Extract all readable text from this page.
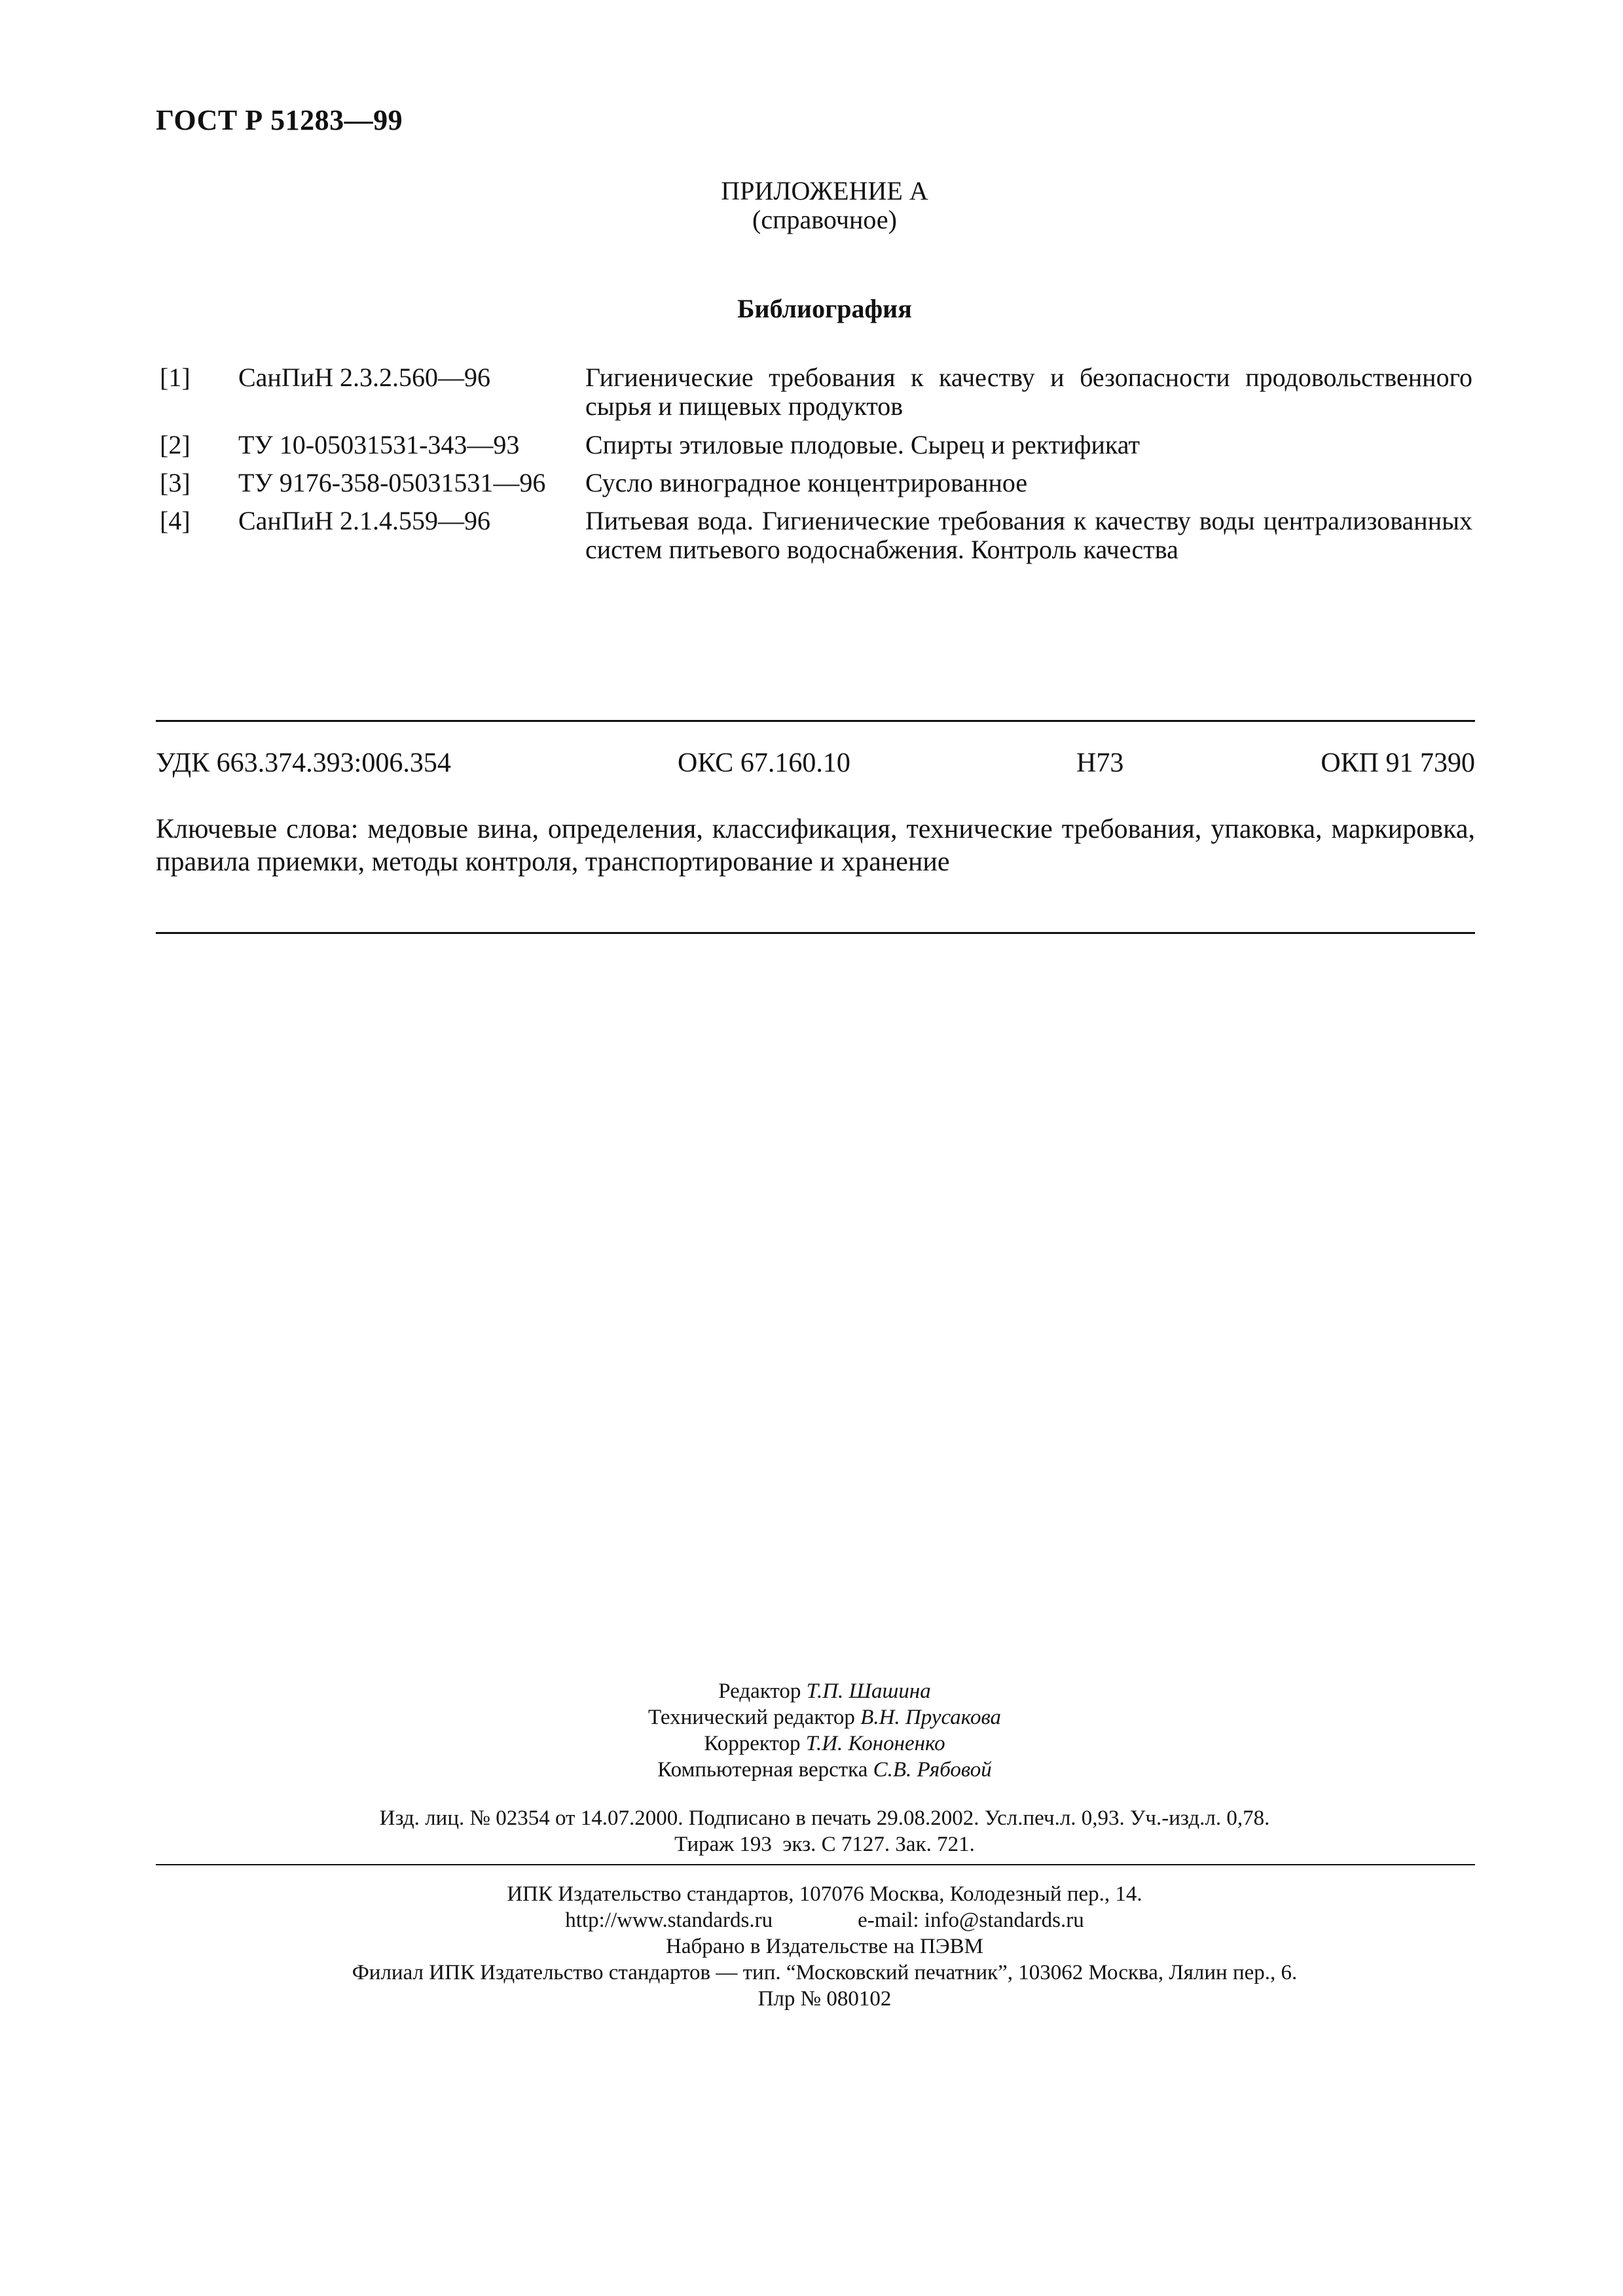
ГОСТ Р 51283—99
ПРИЛОЖЕНИЕ А
(справочное)
Библиография
[1] СанПиН 2.3.2.560—96	Гигиенические требования к качеству и безопасности продовольственного сырья и пищевых продуктов
[2] ТУ 10-05031531-343—93	Спирты этиловые плодовые. Сырец и ректификат
[3] ТУ 9176-358-05031531—96 Сусло виноградное концентрированное
[4] СанПиН 2.1.4.559—96	Питьевая вода. Гигиенические требования к качеству воды централизованных систем питьевого водоснабжения. Контроль качества
УДК 663.374.393:006.354	ОКС 67.160.10	Н73	ОКП 91 7390
Ключевые слова: медовые вина, определения, классификация, технические требования, упаковка, маркировка, правила приемки, методы контроля, транспортирование и хранение
Редактор Т.П. Шашина
Технический редактор В.Н. Прусакова
Корректор Т.И. Кононенко
Компьютерная верстка С.В. Рябовой
Изд. лиц. № 02354 от 14.07.2000. Подписано в печать 29.08.2002. Усл.печ.л. 0,93. Уч.-изд.л. 0,78.
Тираж 193  экз. С 7127. Зак. 721.
ИПК Издательство стандартов, 107076 Москва, Колодезный пер., 14.
http://www.standards.ru	e-mail: info@standards.ru
Набрано в Издательстве на ПЭВМ
Филиал ИПК Издательство стандартов — тип. “Московский печатник”, 103062 Москва, Лялин пер., 6.
Плр № 080102
